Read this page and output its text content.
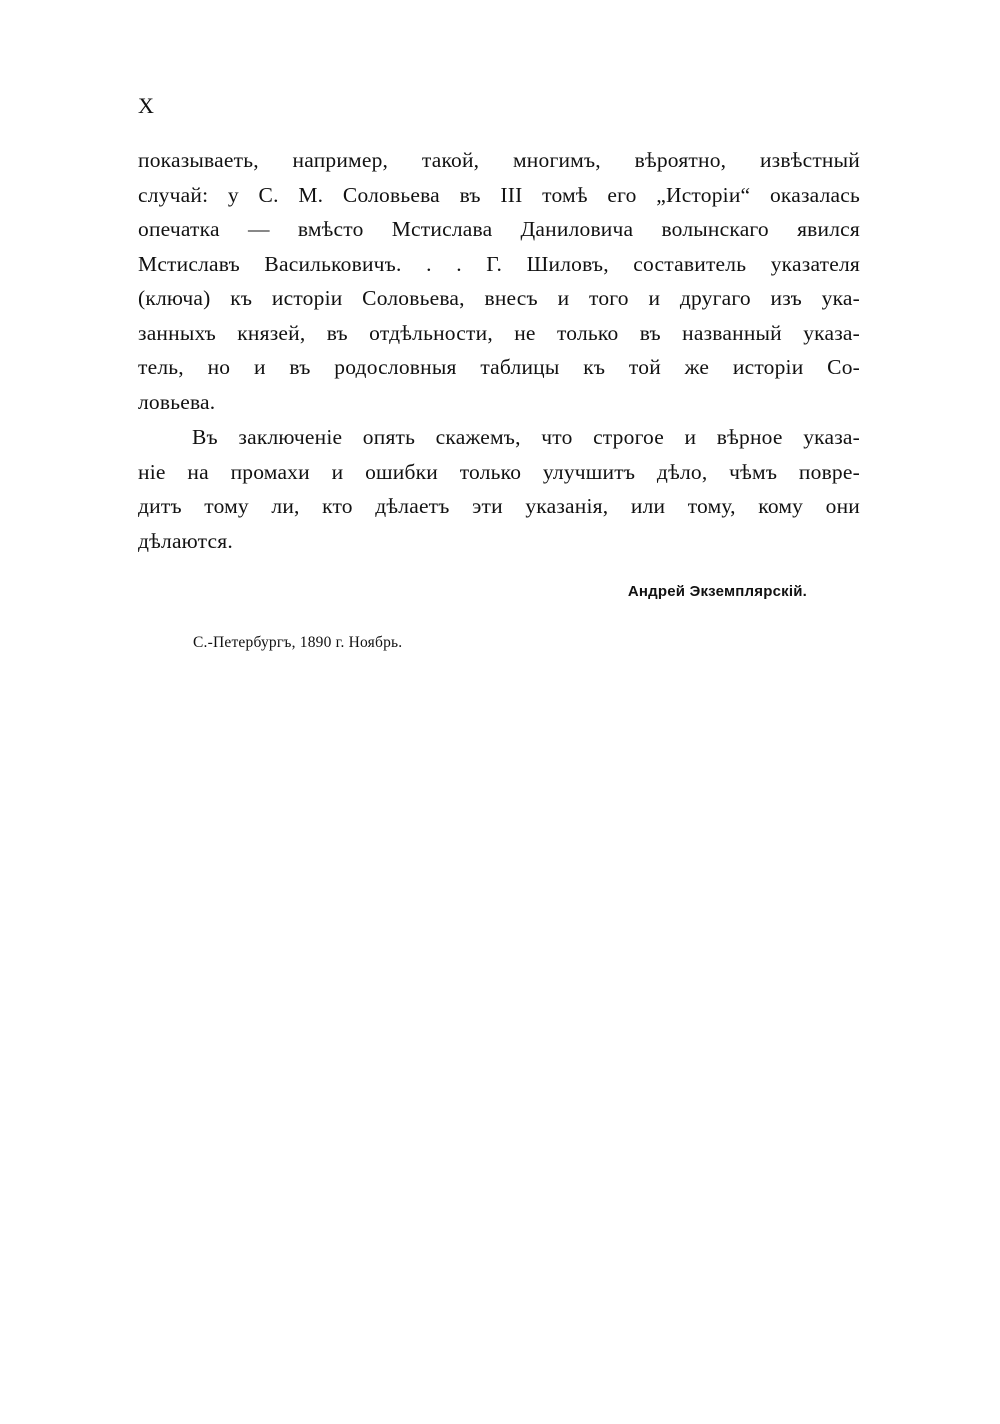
X
показываеть, например, такой, многимъ, вѣроятно, извѣстный
случай: у С. М. Соловьева въ III томѣ его „Исторіи“ оказалась
опечатка — вмѣсто Мстислава Даниловича волынскаго явился
Мстиславъ Васильковичъ. . . Г. Шиловъ, составитель указателя
(ключа) къ исторіи Соловьева, внесъ и того и другаго изъ ука-
занныхъ князей, въ отдѣльности, не только въ названный указа-
тель, но и въ родословныя таблицы къ той же исторіи Со-
ловьева.
Въ заключеніе опять скажемъ, что строгое и вѣрное указа-
ніе на промахи и ошибки только улучшитъ дѣло, чѣмъ повре-
дитъ тому ли, кто дѣлаетъ эти указанія, или тому, кому они
дѣлаются.
Андрей Экземплярскій.
С.-Петербургъ, 1890 г. Ноябрь.
